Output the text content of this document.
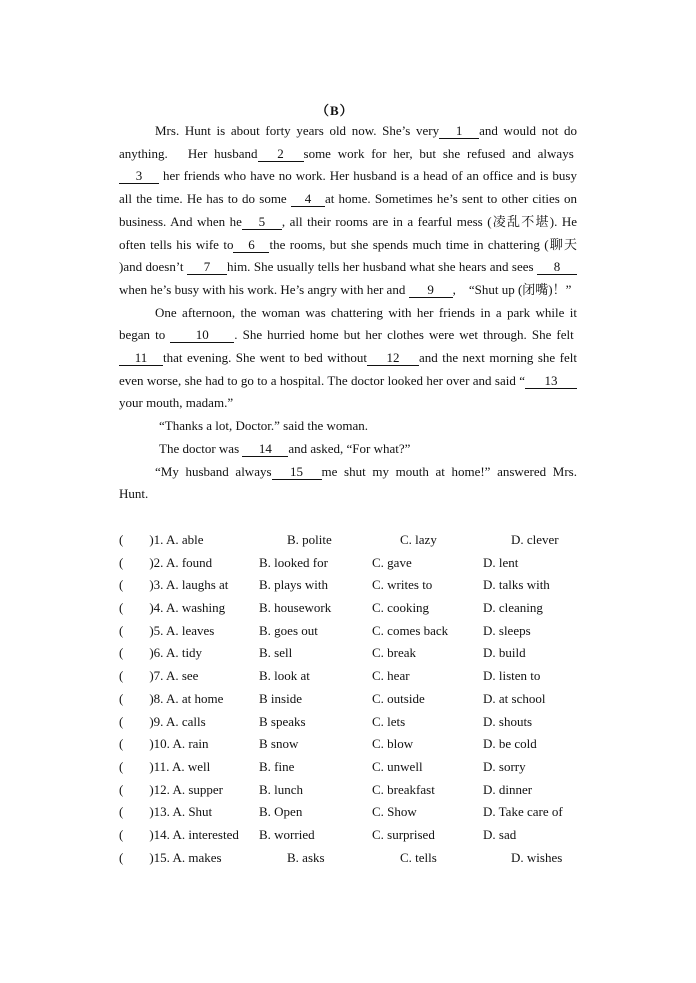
（B）

Mrs. Hunt is about forty years old now. She’s very 1 and would not do anything.　Her husband 2 some work for her, but she refused and always 3 her friends who have no work. Her husband is a head of an office and is busy all the time. He has to do some 4 at home. Sometimes he’s sent to other cities on business. And when he 5 , all their rooms are in a fearful mess (凌乱不堪). He often tells his wife to 6 the rooms, but she spends much time in chattering (聊天 )and doesn’t 7 him. She usually tells her husband what she hears and sees 8when he’s busy with his work. He’s angry with her and 9 ,　“Shut up (闭嘴)！”

One afternoon, the woman was chattering with her friends in a park while it began to 10 . She hurried home but her clothes were wet through. She felt 11 that evening. She went to bed without 12 and the next morning she felt even worse, she had to go to a hospital. The doctor looked her over and said “ 13your mouth, madam.”

“Thanks a lot, Doctor.” said the woman.

The doctor was 14 and asked, “For what?”

“My husband always 15 me shut my mouth at home!” answered Mrs. Hunt.

(　　)1. A. able	B. polite	C. lazy	D. clever
(　　)2. A. found	B. looked for	C. gave	D. lent
(　　)3. A. laughs at B. plays with	C. writes to	D. talks with
(　　)4. A. washing	B. housework	C. cooking	D. cleaning
(　　)5. A. leaves	B. goes out	C. comes back	D. sleeps
(　　)6. A. tidy	B. sell	C. break	D. build
(　　)7. A. see	B. look at	C. hear	D. listen to
(　　)8. A. at home	B inside	C. outside	D. at school
(　　)9. A. calls	B speaks	C. lets	D. shouts
(　　)10. A. rain	B snow	C. blow	D. be cold
(　　)11. A. well	B. fine	C. unwell	D. sorry
(　　)12. A. supper	B. lunch	C. breakfast	D. dinner
(　　)13. A. Shut	B. Open	C. Show	D. Take care of
(　　)14. A. interested B. worried	C. surprised	D. sad
(　　)15. A. makes	B. asks	C. tells	D. wishes
